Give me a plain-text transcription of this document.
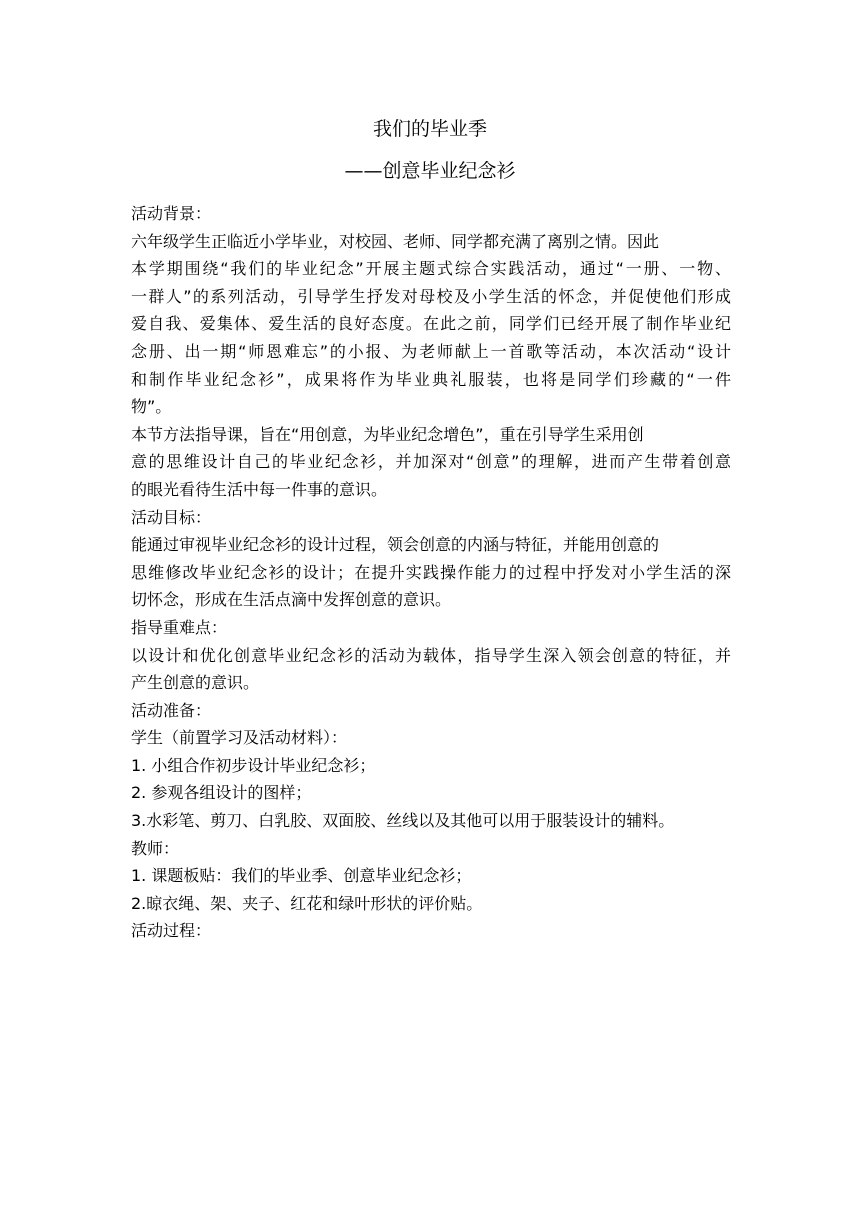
我们的毕业季
——创意毕业纪念衫
活动背景：
六年级学生正临近小学毕业，对校园、老师、同学都充满了离别之情。因此
本学期围绕“我们的毕业纪念”开展主题式综合实践活动，通过“一册、一物、
一群人”的系列活动，引导学生抒发对母校及小学生活的怀念，并促使他们形成
爱自我、爱集体、爱生活的良好态度。在此之前，同学们已经开展了制作毕业纪
念册、出一期“师恩难忘”的小报、为老师献上一首歌等活动，本次活动“设计
和制作毕业纪念衫”，成果将作为毕业典礼服装，也将是同学们珍藏的“一件
物”。
本节方法指导课，旨在“用创意，为毕业纪念增色”，重在引导学生采用创
意的思维设计自己的毕业纪念衫，并加深对“创意”的理解，进而产生带着创意
的眼光看待生活中每一件事的意识。
活动目标：
能通过审视毕业纪念衫的设计过程，领会创意的内涵与特征，并能用创意的
思维修改毕业纪念衫的设计；在提升实践操作能力的过程中抒发对小学生活的深
切怀念，形成在生活点滴中发挥创意的意识。
指导重难点：
以设计和优化创意毕业纪念衫的活动为载体，指导学生深入领会创意的特征，并
产生创意的意识。
活动准备：
学生（前置学习及活动材料）：
1. 小组合作初步设计毕业纪念衫；
2. 参观各组设计的图样；
3.水彩笔、剪刀、白乳胶、双面胶、丝线以及其他可以用于服装设计的辅料。
教师：
1. 课题板贴：我们的毕业季、创意毕业纪念衫；
2.晾衣绳、架、夹子、红花和绿叶形状的评价贴。
活动过程：
